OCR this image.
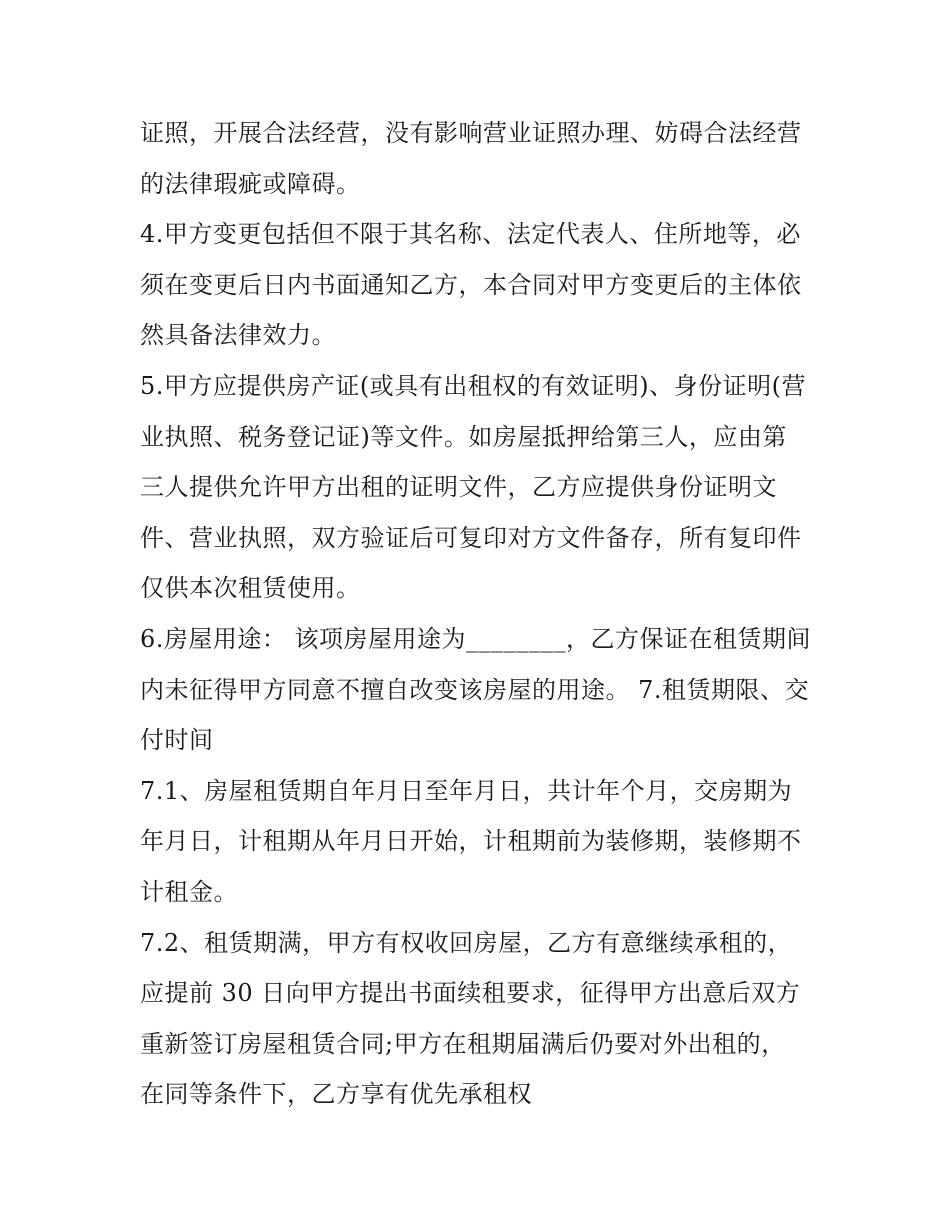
证照，开展合法经营，没有影响营业证照办理、妨碍合法经营
的法律瑕疵或障碍。
4.甲方变更包括但不限于其名称、法定代表人、住所地等，必
须在变更后日内书面通知乙方，本合同对甲方变更后的主体依
然具备法律效力。
5.甲方应提供房产证(或具有出租权的有效证明)、身份证明(营
业执照、税务登记证)等文件。如房屋抵押给第三人，应由第
三人提供允许甲方出租的证明文件，乙方应提供身份证明文
件、营业执照，双方验证后可复印对方文件备存，所有复印件
仅供本次租赁使用。
6.房屋用途： 该项房屋用途为________，乙方保证在租赁期间
内未征得甲方同意不擅自改变该房屋的用途。 7.租赁期限、交
付时间
7.1、房屋租赁期自年月日至年月日，共计年个月，交房期为
年月日，计租期从年月日开始，计租期前为装修期，装修期不
计租金。
7.2、租赁期满，甲方有权收回房屋，乙方有意继续承租的，
应提前 30 日向甲方提出书面续租要求，征得甲方出意后双方
重新签订房屋租赁合同;甲方在租期届满后仍要对外出租的，
在同等条件下，乙方享有优先承租权
